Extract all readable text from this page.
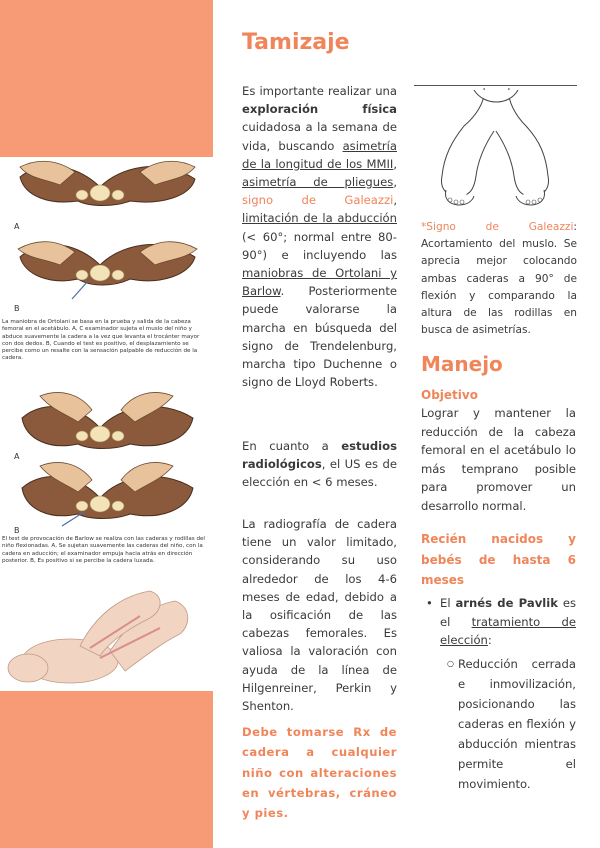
A
B

La maniobra de Ortolani se basa en la prueba y salida de la cabeza femoral en el acetábulo. A, C examinador sujeta el muslo del niño y abduce suavemente la cadera a la vez que levanta el trocánter mayor con dos dedos. B, Cuando el test es positivo, el desplazamiento se percibe como un resalte con la sensación palpable de reducción de la cadera.

A
B

El test de provocación de Barlow se realiza con las caderas y rodillas del niño flexionadas. A, Se sujetan suavemente las caderas del niño, con la cadera en aducción; el examinador empuja hacia atrás en dirección posterior. B, Es positivo si se percibe la cadera luxada.

Tamizaje

Es importante realizar una exploración física cuidadosa a la semana de vida, buscando asimetría de la longitud de los MMII, asimetría de pliegues, signo de Galeazzi, limitación de la abducción (< 60°; normal entre 80-90°) e incluyendo las maniobras de Ortolani y Barlow. Posteriormente puede valorarse la marcha en búsqueda del signo de Trendelenburg, marcha tipo Duchenne o signo de Lloyd Roberts.

En cuanto a estudios radiológicos, el US es de elección en < 6 meses.

La radiografía de cadera tiene un valor limitado, considerando su uso alrededor de los 4-6 meses de edad, debido a la osificación de las cabezas femorales. Es valiosa la valoración con ayuda de la línea de Hilgenreiner, Perkin y Shenton.

Debe tomarse Rx de cadera a cualquier niño con alteraciones en vértebras, cráneo y pies.

*Signo de Galeazzi: Acortamiento del muslo. Se aprecia mejor colocando ambas caderas a 90° de flexión y comparando la altura de las rodillas en busca de asimetrías.
Manejo
Objetivo
Lograr y mantener la reducción de la cabeza femoral en el acetábulo lo más temprano posible para promover un desarrollo normal.
Recién nacidos y bebés de hasta 6 meses
• El arnés de Pavlik es el tratamiento de elección:
○ Reducción cerrada e inmovilización, posicionando las caderas en flexión y abducción mientras permite el movimiento.
